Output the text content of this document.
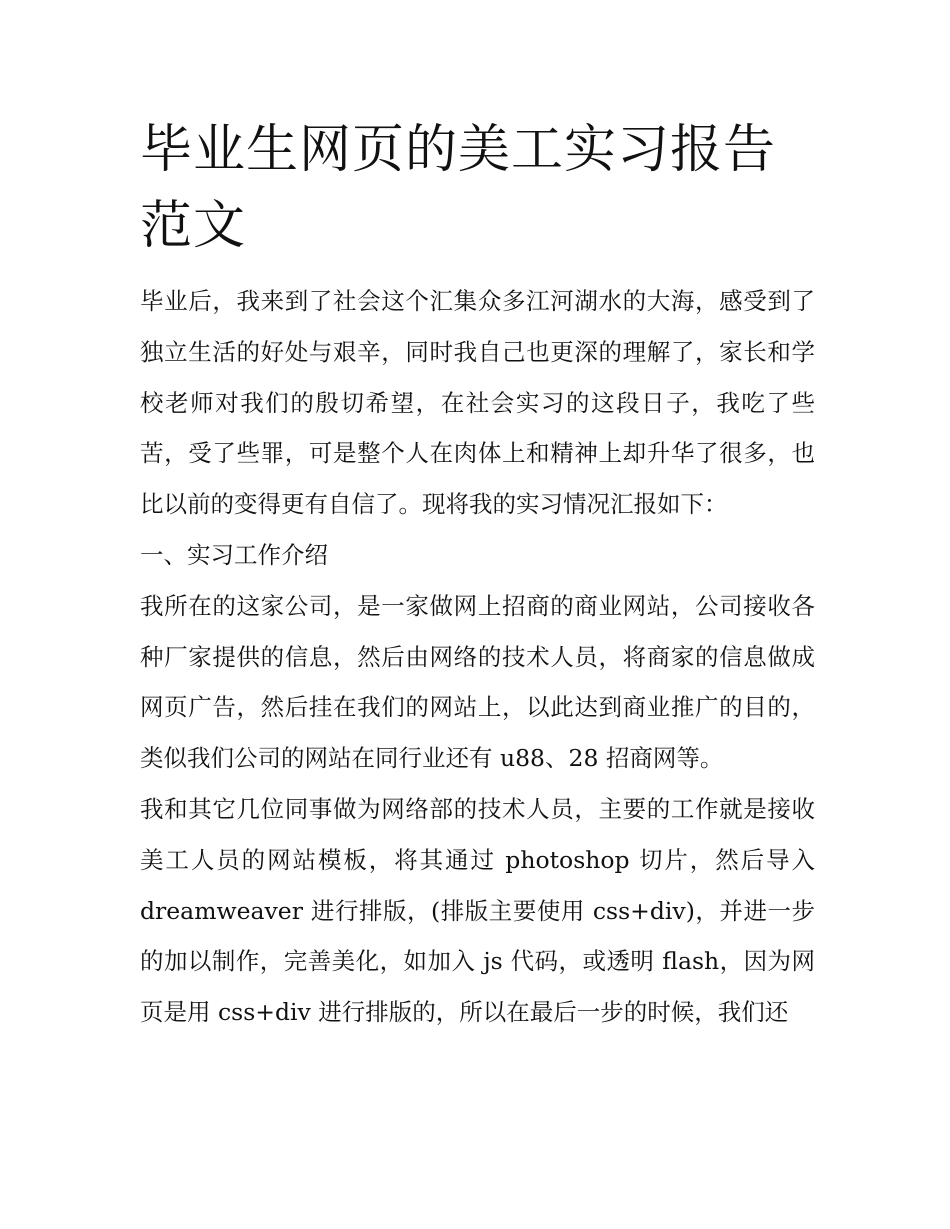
毕业生网页的美工实习报告范文

毕业后，我来到了社会这个汇集众多江河湖水的大海，感受到了独立生活的好处与艰辛，同时我自己也更深的理解了，家长和学校老师对我们的殷切希望，在社会实习的这段日子，我吃了些苦，受了些罪，可是整个人在肉体上和精神上却升华了很多，也比以前的变得更有自信了。现将我的实习情况汇报如下：

一、实习工作介绍

我所在的这家公司，是一家做网上招商的商业网站，公司接收各种厂家提供的信息，然后由网络的技术人员，将商家的信息做成网页广告，然后挂在我们的网站上，以此达到商业推广的目的，类似我们公司的网站在同行业还有 u88、28 招商网等。

我和其它几位同事做为网络部的技术人员，主要的工作就是接收美工人员的网站模板，将其通过 photoshop 切片，然后导入 dreamweaver 进行排版，(排版主要使用 css+div)，并进一步的加以制作，完善美化，如加入 js 代码，或透明 flash，因为网页是用 css+div 进行排版的，所以在最后一步的时候，我们还
